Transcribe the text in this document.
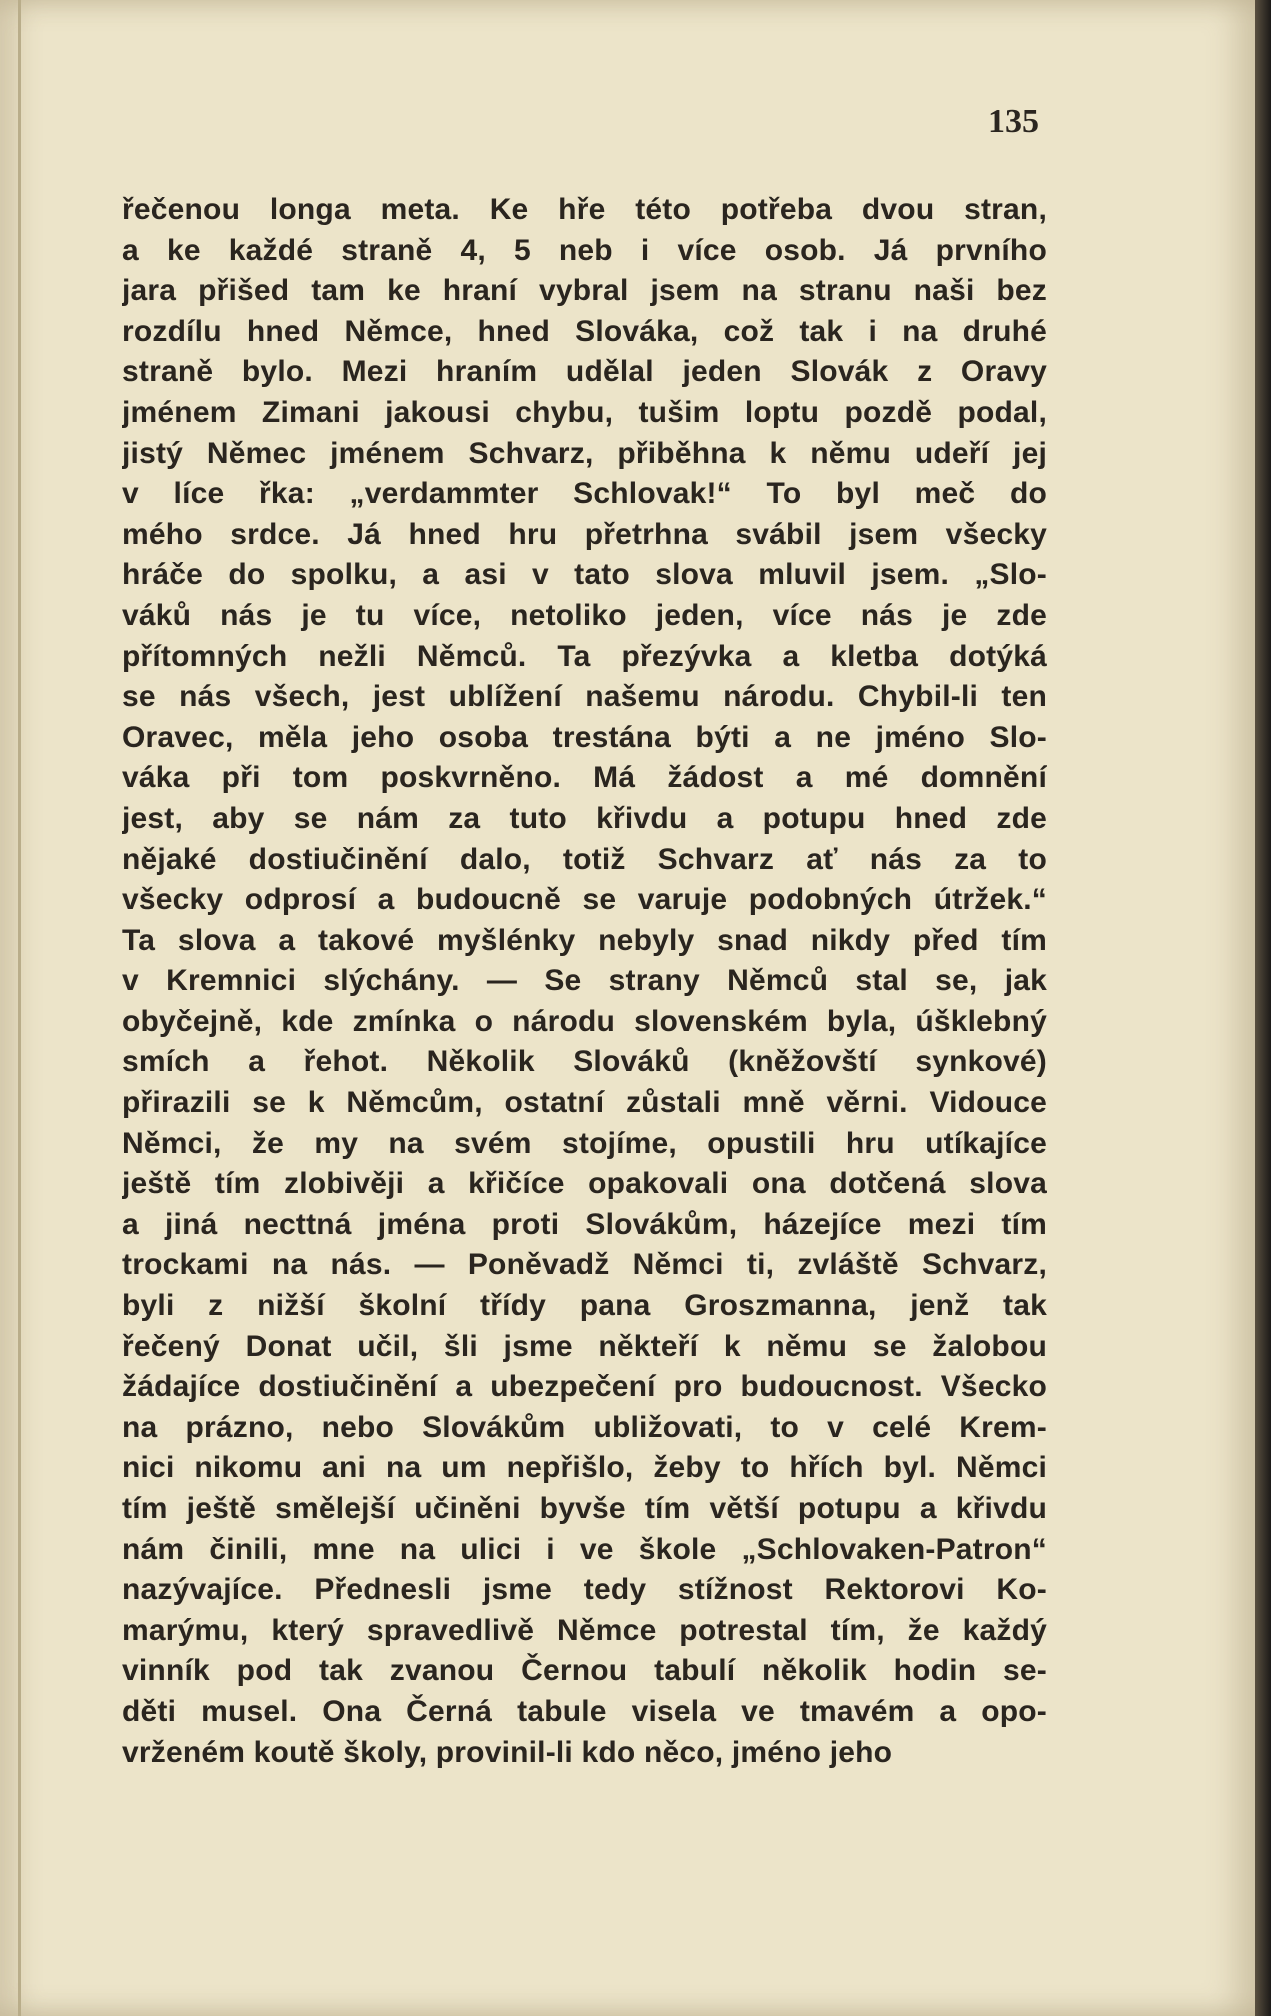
135

řečenou longa meta. Ke hře této potřeba dvou stran,
a ke každé straně 4, 5 neb i více osob. Já prvního
jara přišed tam ke hraní vybral jsem na stranu naši bez
rozdílu hned Němce, hned Slováka, což tak i na druhé
straně bylo. Mezi hraním udělal jeden Slovák z Oravy
jménem Zimani jakousi chybu, tušim loptu pozdě podal,
jistý Němec jménem Schvarz, přiběhna k němu udeří jej
v líce řka: „verdammter Schlovak!“ To byl meč do
mého srdce. Já hned hru přetrhna svábil jsem všecky
hráče do spolku, a asi v tato slova mluvil jsem. „Slo-
váků nás je tu více, netoliko jeden, více nás je zde
přítomných nežli Němců. Ta přezývka a kletba dotýká
se nás všech, jest ublížení našemu národu. Chybil-li ten
Oravec, měla jeho osoba trestána býti a ne jméno Slo-
váka při tom poskvrněno. Má žádost a mé domnění
jest, aby se nám za tuto křivdu a potupu hned zde
nějaké dostiučinění dalo, totiž Schvarz ať nás za to
všecky odprosí a budoucně se varuje podobných útržek.“
Ta slova a takové myšlénky nebyly snad nikdy před tím
v Kremnici slýchány. — Se strany Němců stal se, jak
obyčejně, kde zmínka o národu slovenském byla, úšklebný
smích a řehot. Několik Slováků (kněžovští synkové)
přirazili se k Němcům, ostatní zůstali mně věrni. Vidouce
Němci, že my na svém stojíme, opustili hru utíkajíce
ještě tím zlobivěji a křičíce opakovali ona dotčená slova
a jiná necttná jména proti Slovákům, házejíce mezi tím
trockami na nás. — Poněvadž Němci ti, zvláště Schvarz,
byli z nižší školní třídy pana Groszmanna, jenž tak
řečený Donat učil, šli jsme někteří k němu se žalobou
žádajíce dostiučinění a ubezpečení pro budoucnost. Všecko
na prázno, nebo Slovákům ubližovati, to v celé Krem-
nici nikomu ani na um nepřišlo, žeby to hřích byl. Němci
tím ještě smělejší učiněni byvše tím větší potupu a křivdu
nám činili, mne na ulici i ve škole „Schlovaken-Patron“
nazývajíce. Přednesli jsme tedy stížnost Rektorovi Ko-
marýmu, který spravedlivě Němce potrestal tím, že každý
vinník pod tak zvanou Černou tabulí několik hodin se-
děti musel. Ona Černá tabule visela ve tmavém a opo-
vrženém koutě školy, provinil-li kdo něco, jméno jeho
